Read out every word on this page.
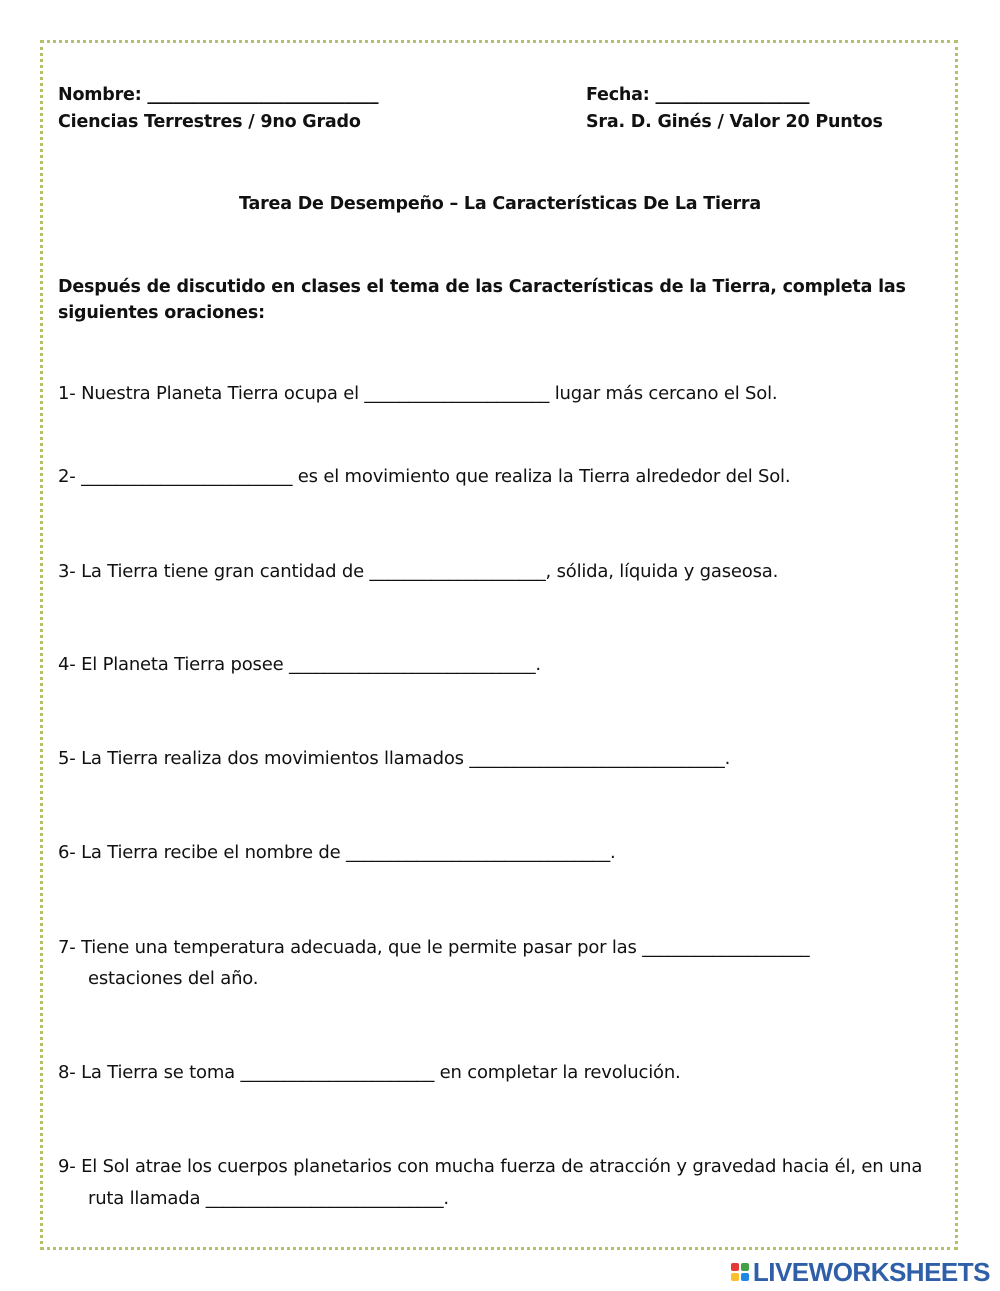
Nombre: ___________________________	Fecha: __________________
Ciencias Terrestres / 9no Grado	Sra. D. Ginés / Valor 20 Puntos
Tarea De Desempeño – La Características De La Tierra
Después de discutido en clases el tema de las Características de la Tierra, completa las
siguientes oraciones:
1- Nuestra Planeta Tierra ocupa el _____________________ lugar más cercano el Sol.
2- ________________________ es el movimiento que realiza la Tierra alrededor del Sol.
3- La Tierra tiene gran cantidad de ____________________, sólida, líquida y gaseosa.
4- El Planeta Tierra posee ____________________________.
5- La Tierra realiza dos movimientos llamados _____________________________.
6- La Tierra recibe el nombre de ______________________________.
7- Tiene una temperatura adecuada, que le permite pasar por las ___________________
estaciones del año.
8- La Tierra se toma ______________________ en completar la revolución.
9- El Sol atrae los cuerpos planetarios con mucha fuerza de atracción y gravedad hacia él, en una
ruta llamada ___________________________.
LIVEWORKSHEETS
